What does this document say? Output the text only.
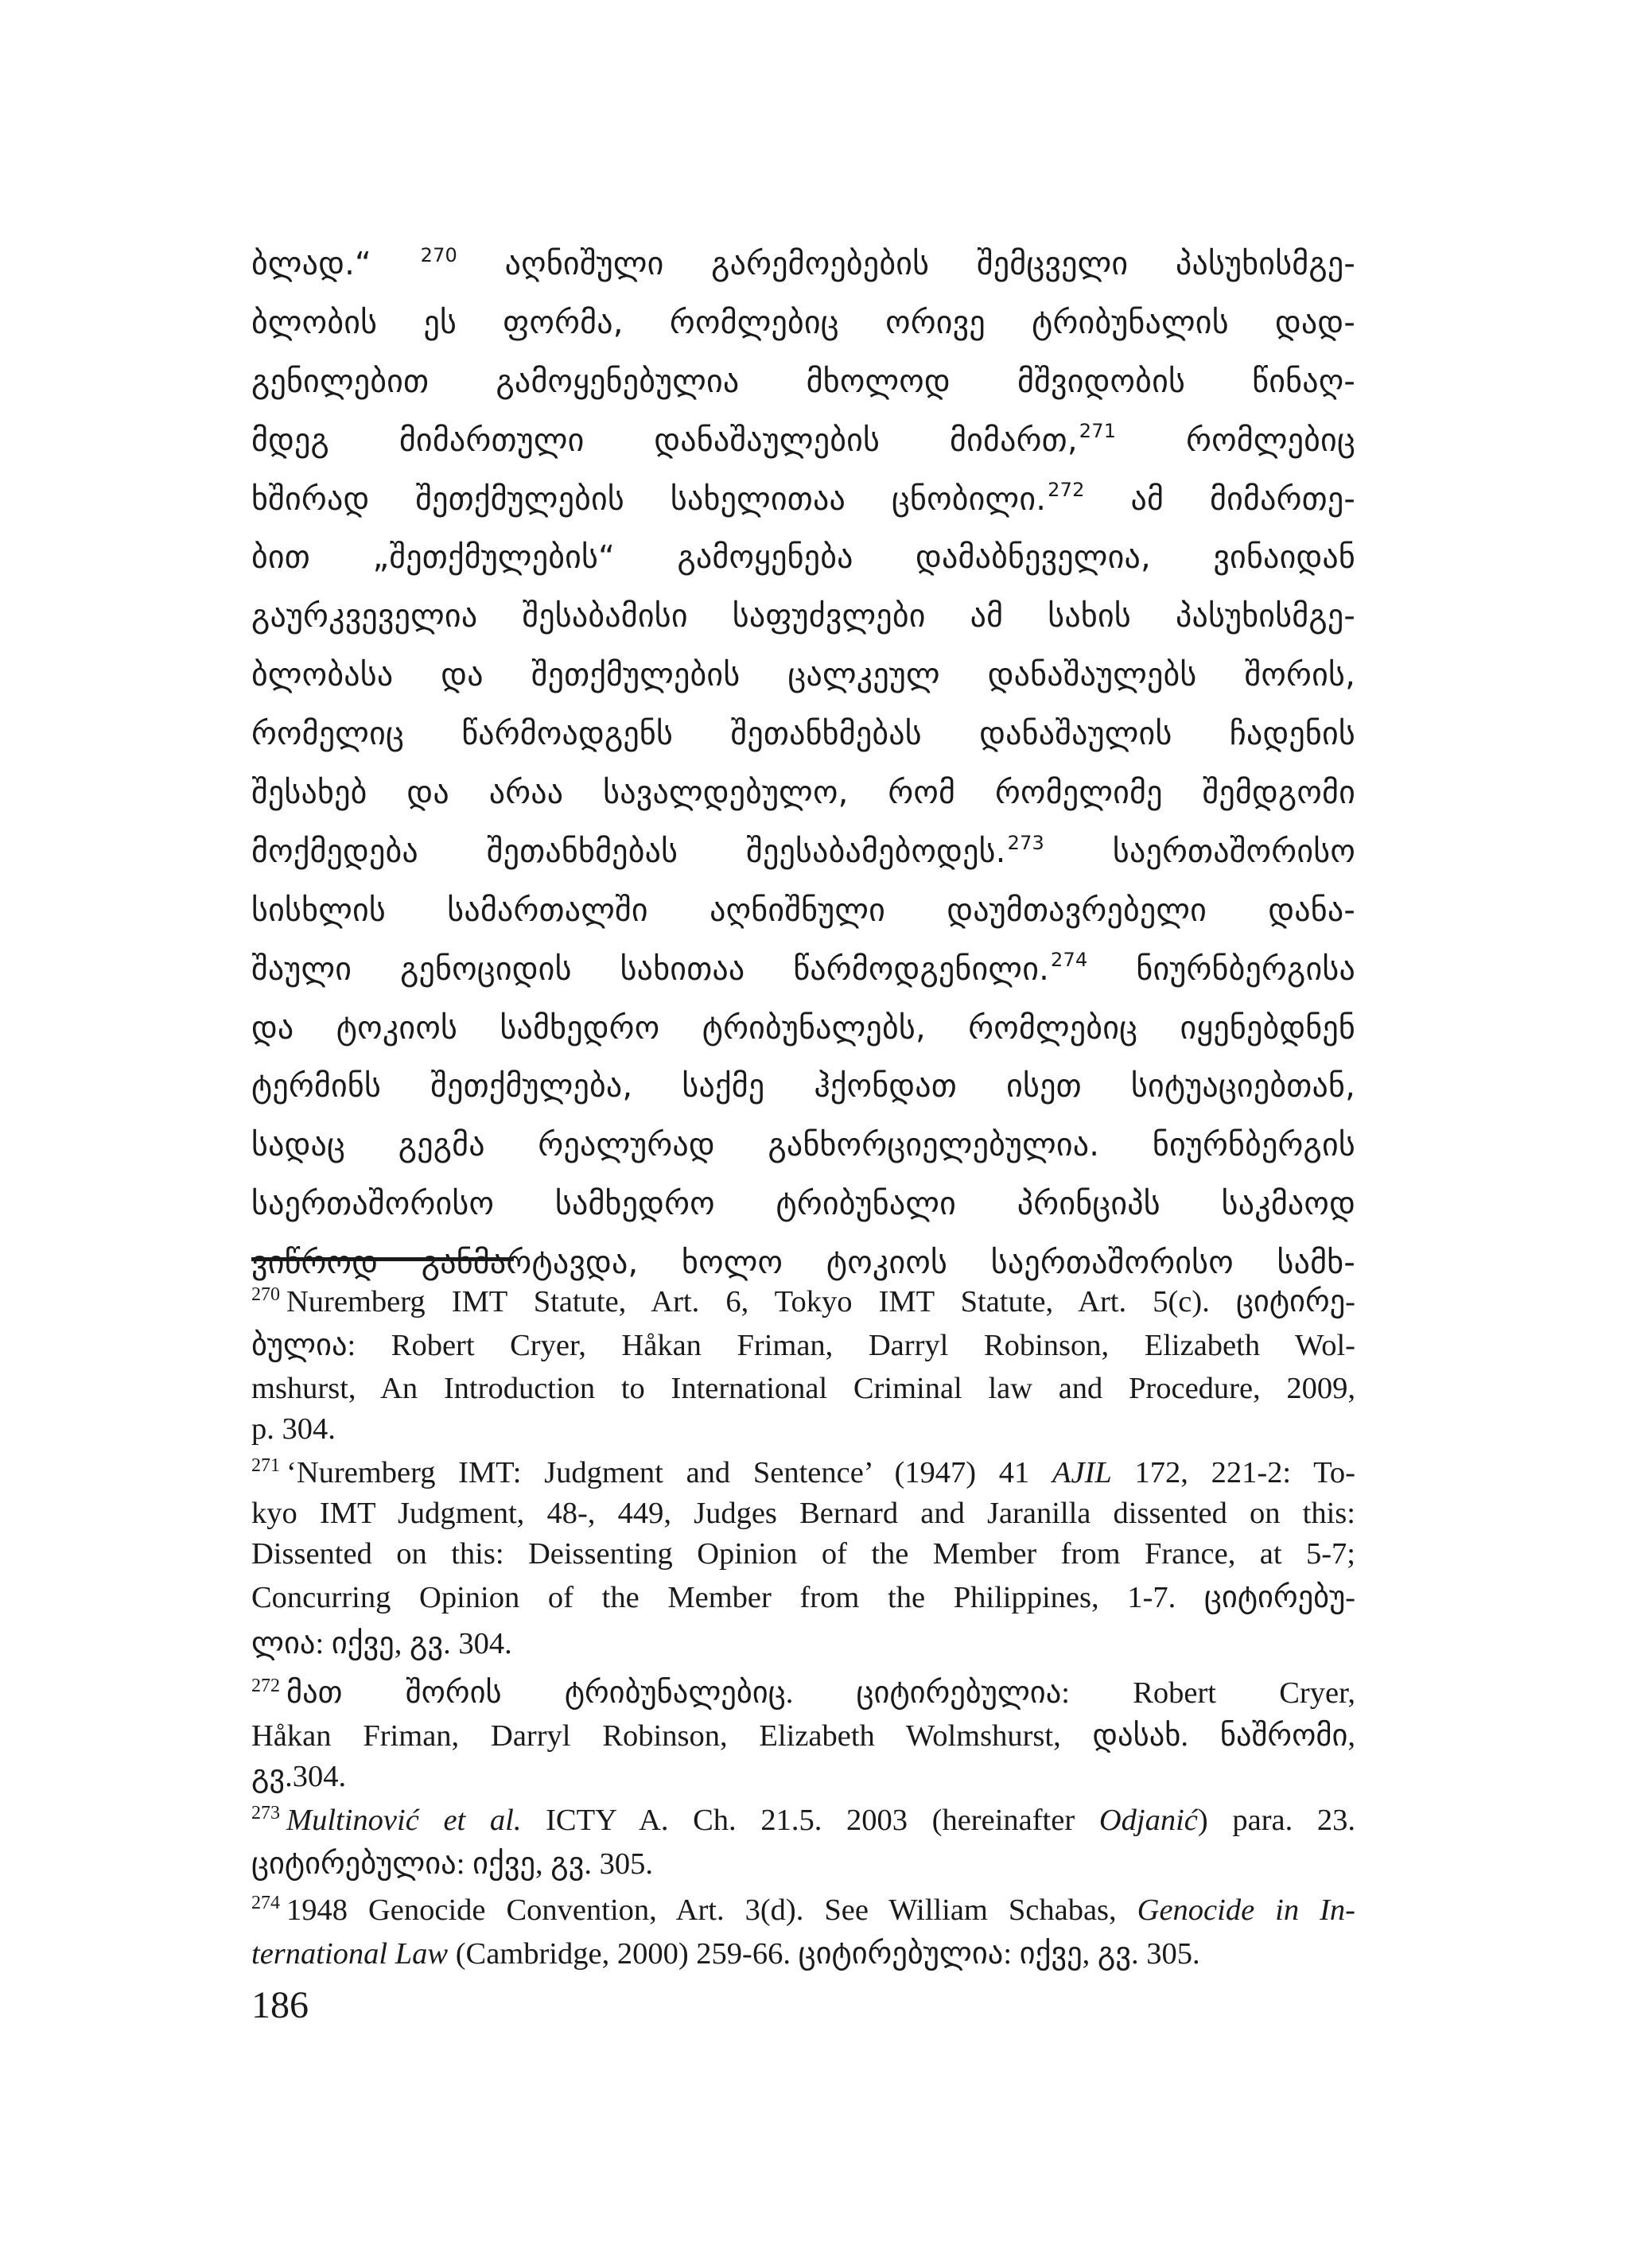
ბლად.“ $^{270}$ აღნიშული გარემოებების შემცველი პასუხისმგე-
ბლობის ეს ფორმა, რომლებიც ორივე ტრიბუნალის დად-
გენილებით გამოყენებულია მხოლოდ მშვიდობის წინაღ-
მდეგ მიმართული დანაშაულების მიმართ,$^{271}$ რომლებიც
ხშირად შეთქმულების სახელითაა ცნობილი.$^{272}$ ამ მიმართე-
ბით „შეთქმულების“ გამოყენება დამაბნეველია, ვინაიდან
გაურკვეველია შესაბამისი საფუძვლები ამ სახის პასუხისმგე-
ბლობასა და შეთქმულების ცალკეულ დანაშაულებს შორის,
რომელიც წარმოადგენს შეთანხმებას დანაშაულის ჩადენის
შესახებ და არაა სავალდებულო, რომ რომელიმე შემდგომი
მოქმედება შეთანხმებას შეესაბამებოდეს.$^{273}$ საერთაშორისო
სისხლის სამართალში აღნიშნული დაუმთავრებელი დანა-
შაული გენოციდის სახითაა წარმოდგენილი.$^{274}$ ნიურნბერგისა
და ტოკიოს სამხედრო ტრიბუნალებს, რომლებიც იყენებდნენ
ტერმინს შეთქმულება, საქმე ჰქონდათ ისეთ სიტუაციებთან,
სადაც გეგმა რეალურად განხორციელებულია. ნიურნბერგის
საერთაშორისო სამხედრო ტრიბუნალი პრინციპს საკმაოდ
ვიწროდ განმარტავდა, ხოლო ტოკიოს საერთაშორისო სამხ-
$^{270}$ Nuremberg IMT Statute, Art. 6, Tokyo IMT Statute, Art. 5(c). ციტირე-
ბულია: Robert Cryer, Håkan Friman, Darryl Robinson, Elizabeth Wol-
mshurst, An Introduction to International Criminal law and Procedure, 2009,
p. 304.
$^{271}$ ‘Nuremberg IMT: Judgment and Sentence’ (1947) 41 AJIL 172, 221-2: To-
kyo IMT Judgment, 48-, 449, Judges Bernard and Jaranilla dissented on this:
Dissented on this: Deissenting Opinion of the Member from France, at 5-7;
Concurring Opinion of the Member from the Philippines, 1-7. ციტირებუ-
ლია: იქვე, გვ. 304.
$^{272}$ მათ შორის ტრიბუნალებიც. ციტირებულია: Robert Cryer,
Håkan Friman, Darryl Robinson, Elizabeth Wolmshurst, დასახ. ნაშრომი,
გვ.304.
$^{273}$ Multinović et al. ICTY A. Ch. 21.5. 2003 (hereinafter Odjanić) para. 23.
ციტირებულია: იქვე, გვ. 305.
$^{274}$ 1948 Genocide Convention, Art. 3(d). See William Schabas, Genocide in In-
ternational Law (Cambridge, 2000) 259-66. ციტირებულია: იქვე, გვ. 305.
186
